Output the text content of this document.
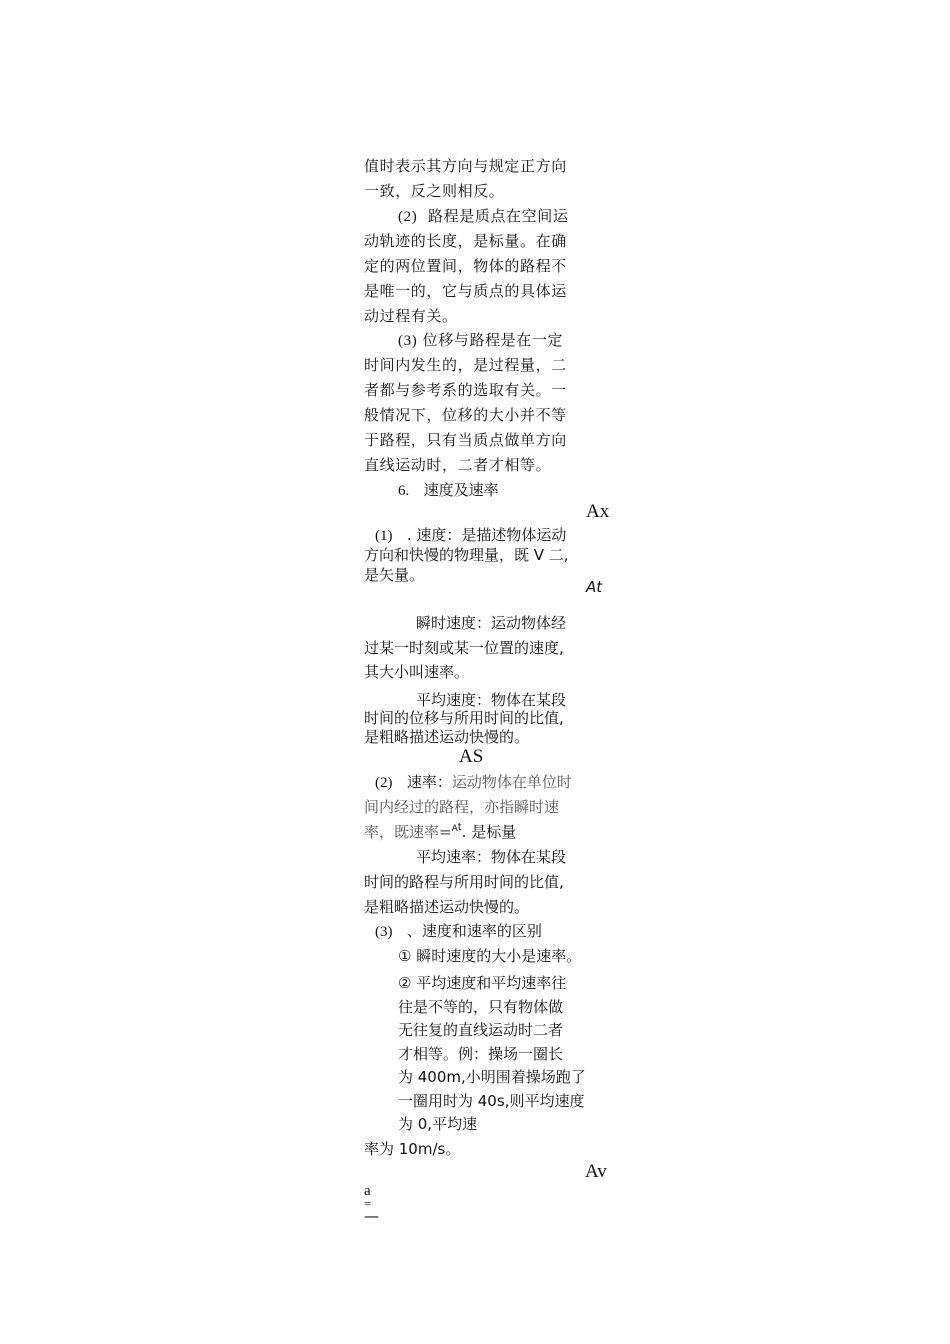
值时表示其方向与规定正方向
一致，反之则相反。
(2) 路程是质点在空间运
动轨迹的长度，是标量。在确
定的两位置间，物体的路程不
是唯一的，它与质点的具体运
动过程有关。
(3) 位移与路程是在一定
时间内发生的，是过程量，二
者都与参考系的选取有关。一
般情况下，位移的大小并不等
于路程，只有当质点做单方向
直线运动时，二者才相等。
6. 速度及速率
Ax
(1) . 速度：是描述物体运动
方向和快慢的物理量，既 V 二,
是矢量。
At
瞬时速度：运动物体经
过某一时刻或某一位置的速度,
其大小叫速率。
平均速度：物体在某段
时间的位移与所用时间的比值,
是粗略描述运动快慢的。
AS
(2) 速率：运动物体在单位时
间内经过的路程，亦指瞬时速
率，既速率=$^{At}$. 是标量
平均速率：物体在某段
时间的路程与所用时间的比值,
是粗略描述运动快慢的。
(3) 、速度和速率的区别
① 瞬时速度的大小是速率。
② 平均速度和平均速率往
往是不等的，只有物体做
无往复的直线运动时二者
才相等。例：操场一圈长
为 400m,小明围着操场跑了
一圈用时为 40s,则平均速度
为 0,平均速
率为 10m/s。
Av
a
=
—
